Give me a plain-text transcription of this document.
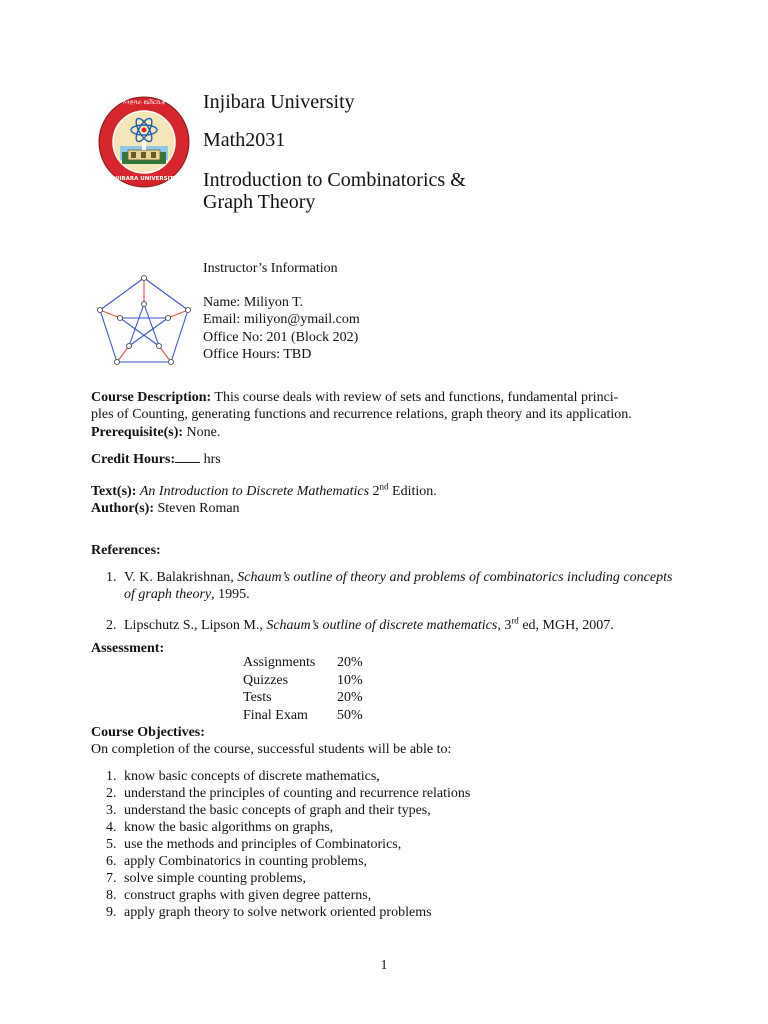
እንጅባራ ዩኒቨርሲቲ
INJIBARA UNIVERSITY
Injibara University
Math2031
Introduction to Combinatorics &
Graph Theory
Instructor’s Information
Name: Miliyon T.
Email: miliyon@ymail.com
Office No: 201 (Block 202)
Office Hours: TBD
Course Description: This course deals with review of sets and functions, fundamental princi-
ples of Counting, generating functions and recurrence relations, graph theory and its application.
Prerequisite(s): None.
Credit Hours: hrs
Text(s): An Introduction to Discrete Mathematics 2nd Edition.
Author(s): Steven Roman
References:
1. V. K. Balakrishnan, Schaum’s outline of theory and problems of combinatorics including concepts
of graph theory, 1995.
2. Lipschutz S., Lipson M., Schaum’s outline of discrete mathematics, 3rd ed, MGH, 2007.
Assessment:
Assignments	20%
Quizzes	10%
Tests	20%
Final Exam	50%
Course Objectives:
On completion of the course, successful students will be able to:
1. know basic concepts of discrete mathematics,
2. understand the principles of counting and recurrence relations
3. understand the basic concepts of graph and their types,
4. know the basic algorithms on graphs,
5. use the methods and principles of Combinatorics,
6. apply Combinatorics in counting problems,
7. solve simple counting problems,
8. construct graphs with given degree patterns,
9. apply graph theory to solve network oriented problems
1
